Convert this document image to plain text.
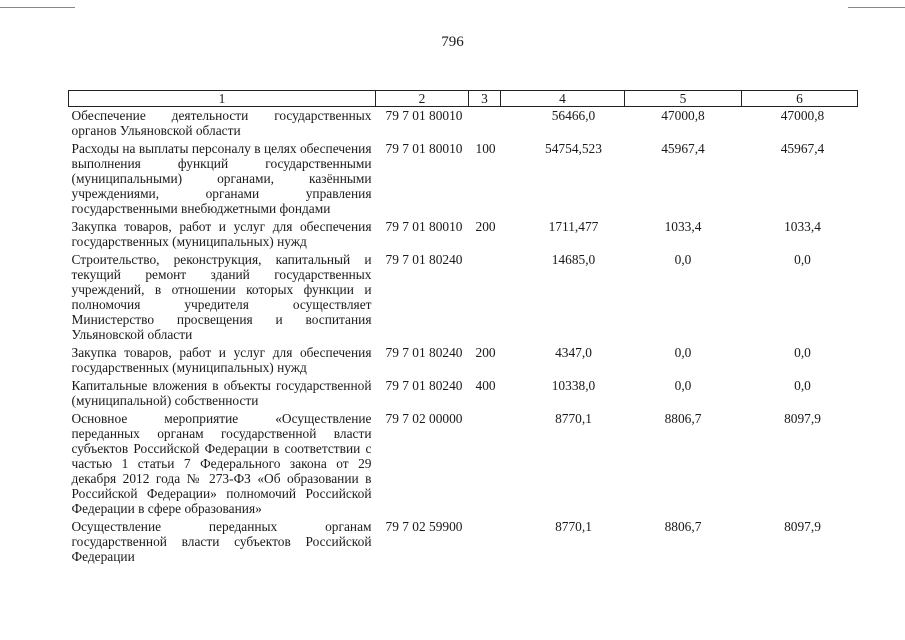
796
1	2	3	4	5	6
Обеспечение деятельности государственных органов Ульяновской области	79 7 01 80010		56466,0	47000,8	47000,8
Расходы на выплаты персоналу в целях обеспечения выполнения функций государственными (муниципальными) органами, казёнными учреждениями, органами управления государственными внебюджетными фондами	79 7 01 80010	100	54754,523	45967,4	45967,4
Закупка товаров, работ и услуг для обеспечения государственных (муниципальных) нужд	79 7 01 80010	200	1711,477	1033,4	1033,4
Строительство, реконструкция, капитальный и текущий ремонт зданий государственных учреждений, в отношении которых функции и полномочия учредителя осуществляет Министерство просвещения и воспитания Ульяновской области	79 7 01 80240		14685,0	0,0	0,0
Закупка товаров, работ и услуг для обеспечения государственных (муниципальных) нужд	79 7 01 80240	200	4347,0	0,0	0,0
Капитальные вложения в объекты государственной (муниципальной) собственности	79 7 01 80240	400	10338,0	0,0	0,0
Основное мероприятие «Осуществление переданных органам государственной власти субъектов Российской Федерации в соответствии с частью 1 статьи 7 Федерального закона от 29 декабря 2012 года № 273-ФЗ «Об образовании в Российской Федерации» полномочий Российской Федерации в сфере образования»	79 7 02 00000		8770,1	8806,7	8097,9
Осуществление переданных органам государственной власти субъектов Российской Федерации	79 7 02 59900		8770,1	8806,7	8097,9
